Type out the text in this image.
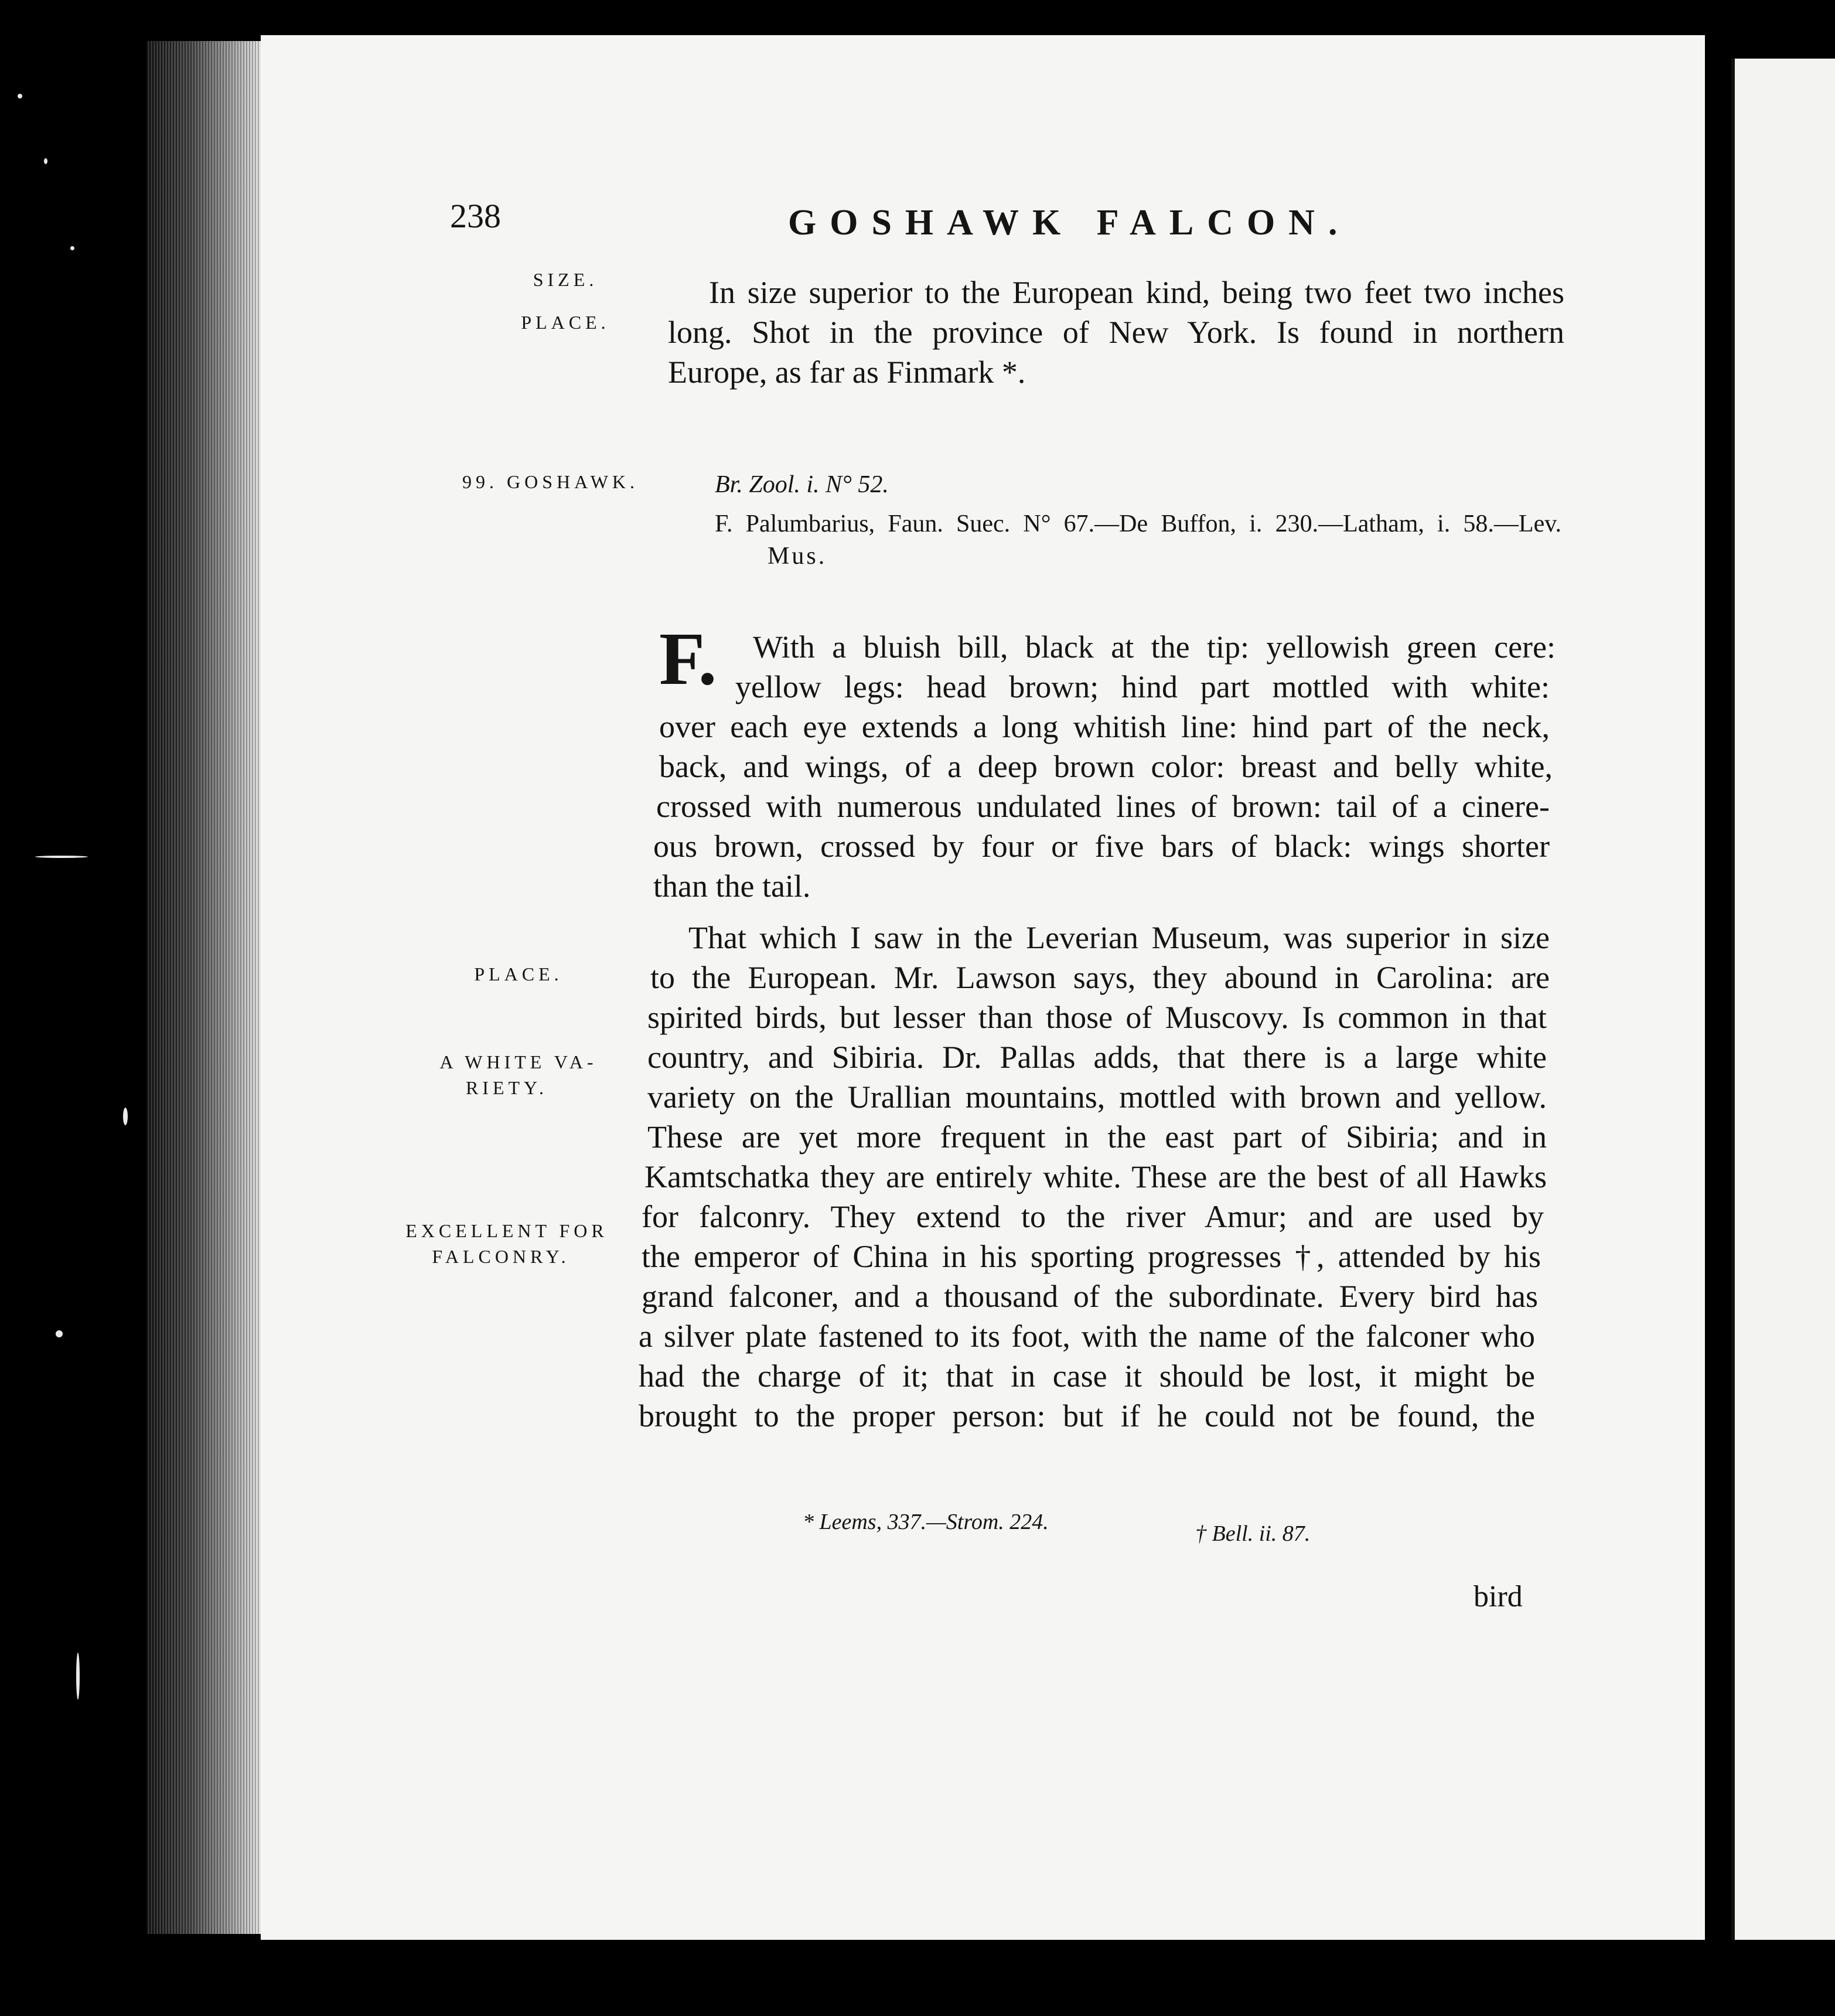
238	GOSHAWK FALCON.
SIZE.
PLACE.
99. GOSHAWK.
PLACE.
A WHITE VA-
RIETY.
EXCELLENT FOR
FALCONRY.
In size superior to the European kind, being two feet two inches
long. Shot in the province of New York. Is found in northern
Europe, as far as Finmark *.
Br. Zool. i. N° 52.
F. Palumbarius, Faun. Suec. N° 67.—De Buffon, i. 230.—Latham, i. 58.—Lev.
Mus.
F. With a bluish bill, black at the tip: yellowish green cere:
yellow legs: head brown; hind part mottled with white:
over each eye extends a long whitish line: hind part of the neck,
back, and wings, of a deep brown color: breast and belly white,
crossed with numerous undulated lines of brown: tail of a cinere-
ous brown, crossed by four or five bars of black: wings shorter
than the tail.
That which I saw in the Leverian Museum, was superior in size
to the European. Mr. Lawson says, they abound in Carolina: are
spirited birds, but lesser than those of Muscovy. Is common in that
country, and Sibiria. Dr. Pallas adds, that there is a large white
variety on the Urallian mountains, mottled with brown and yellow.
These are yet more frequent in the east part of Sibiria; and in
Kamtschatka they are entirely white. These are the best of all Hawks
for falconry. They extend to the river Amur; and are used by
the emperor of China in his sporting progresses †, attended by his
grand falconer, and a thousand of the subordinate. Every bird has
a silver plate fastened to its foot, with the name of the falconer who
had the charge of it; that in case it should be lost, it might be
brought to the proper person: but if he could not be found, the
* Leems, 337.—Strom. 224.	† Bell. ii. 87.
bird
